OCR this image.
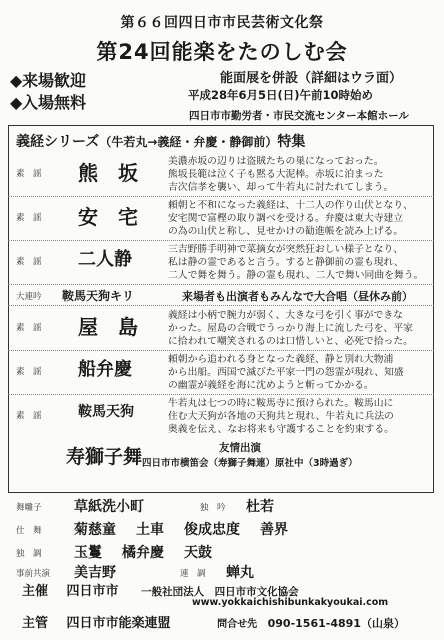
第６６回四日市市民芸術文化祭
第24回能楽をたのしむ会
◆来場歓迎
◆入場無料
能面展を併設（詳細はウラ面）
平成28年6月5日(日)午前10時始め
四日市市勤労者・市民交流センター本館ホール
義経シリーズ（牛若丸→義経・弁慶・静御前）特集
素　謡 熊　坂	美濃赤坂の辺りは盗賊たちの巣になっておった。
熊坂長範は泣く子も黙る大泥棒。赤坂に泊まった
吉次信孝を襲い、却って牛若丸に討たれてしまう。
素　謡 安　宅	頼朝と不和になった義経は、十二人の作り山伏となり、
安宅関で富樫の取り調べを受ける。弁慶は東大寺建立
の為の山伏と称し、見せかけの勧進帳を読み上げる。
素　謡 二人静	三吉野勝手明神で菜摘女が突然狂おしい様子となり、
私は静の霊であると言う。すると静御前の霊も現れ、
二人で舞を舞う。静の霊も現れ、二人で舞い同曲を舞う。
大連吟 鞍馬天狗キリ	来場者も出演者もみんなで大合唱（昼休み前）
素　謡 屋　島	義経は小柄で腕力が弱く、大きな弓を引く事ができな
かった。屋島の合戦でうっかり海上に流した弓を、平家
に拾われて嘲笑されるのは口惜しいと、必死で拾った。
素　謡 船弁慶	頼朝から追われる身となった義経、静と別れ大物浦
から出船。西国で滅びた平家一門の怨霊が現れ、知盛
の幽霊が義経を海に沈めようと斬ってかかる。
素　謡	鞍馬天狗
牛若丸は七つの時に鞍馬寺に預けられた。鞍馬山に
住む大天狗が各地の天狗共と現れ、牛若丸に兵法の
奥義を伝え、なお将来も守護することを約束する。
寿獅子舞	友情出演
四日市市横笛会（寿獅子舞連）原社中（3時過ぎ）
舞囃子 草紙洗小町	独　吟 杜若
仕　舞 菊慈童 土車 俊成忠度 善界
独　調 玉鬘 橘弁慶 天鼓
事前共演 美吉野	連　調 蝉丸
主催 四日市市 一般社団法人　四日市市文化協会
www.yokkaichishibunkakyoukai.com
主管 四日市市能楽連盟	問合せ先 090-1561-4891（山泉）
